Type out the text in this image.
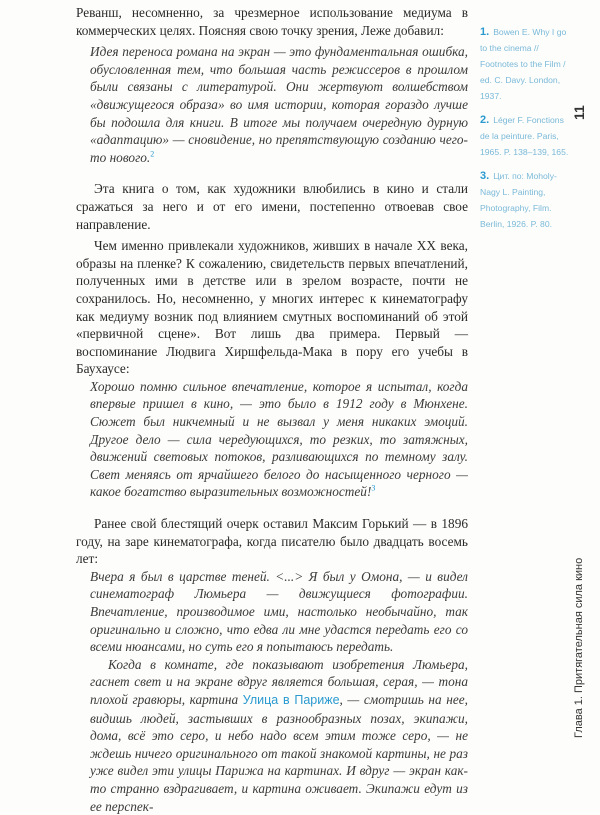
Реванш, несомненно, за чрезмерное использование медиума в коммерческих целях. Поясняя свою точку зрения, Леже добавил:

Идея переноса романа на экран — это фундаментальная ошибка, обусловленная тем, что большая часть режиссеров в прошлом были связаны с литературой. Они жертвуют волшебством «движущегося образа» во имя истории, которая гораздо лучше бы подошла для книги. В итоге мы получаем очередную дурную «адаптацию» — сновидение, но препятствующую созданию чего-то нового.$^2$

Эта книга о том, как художники влюбились в кино и стали сражаться за него и от его имени, постепенно отвоевав свое направление.

Чем именно привлекали художников, живших в начале XX века, образы на пленке? К сожалению, свидетельств первых впечатлений, полученных ими в детстве или в зрелом возрасте, почти не сохранилось. Но, несомненно, у многих интерес к кинематографу как медиуму возник под влиянием смутных воспоминаний об этой «первичной сцене». Вот лишь два примера. Первый — воспоминание Людвига Хиршфельда-Мака в пору его учебы в Баухаусе:

Хорошо помню сильное впечатление, которое я испытал, когда впервые пришел в кино, — это было в 1912 году в Мюнхене. Сюжет был никчемный и не вызвал у меня никаких эмоций. Другое дело — сила чередующихся, то резких, то затяжных, движений световых потоков, разливающихся по темному залу. Свет меняясь от ярчайшего белого до насыщенного черного — какое богатство выразительных возможностей!$^3$

Ранее свой блестящий очерк оставил Максим Горький — в 1896 году, на заре кинематографа, когда писателю было двадцать восемь лет:

Вчера я был в царстве теней. <...> Я был у Омона, — и видел синематограф Люмьера — движущиеся фотографии. Впечатление, производимое ими, настолько необычайно, так оригинально и сложно, что едва ли мне удастся передать его со всеми нюансами, но суть его я попытаюсь передать.

Когда в комнате, где показывают изобретения Люмьера, гаснет свет и на экране вдруг является большая, серая, — тона плохой гравюры, картина Улица в Париже, — смотришь на нее, видишь людей, застывших в разнообразных позах, экипажи, дома, всё это серо, и небо надо всем этим тоже серо, — не ждешь ничего оригинального от такой знакомой картины, не раз уже видел эти улицы Парижа на картинах. И вдруг — экран как-то странно вздрагивает, и картина оживает. Экипажи едут из ее перспек-

1. Bowen E. Why I go to the cinema // Footnotes to the Film / ed. C. Davy. London, 1937.
2. Léger F. Fonctions de la peinture. Paris, 1965. P. 138–139, 165.
3. Цит. по: Moholy-Nagy L. Painting, Photography, Film. Berlin, 1926. P. 80.
11
Глава 1. Притягательная сила кино
